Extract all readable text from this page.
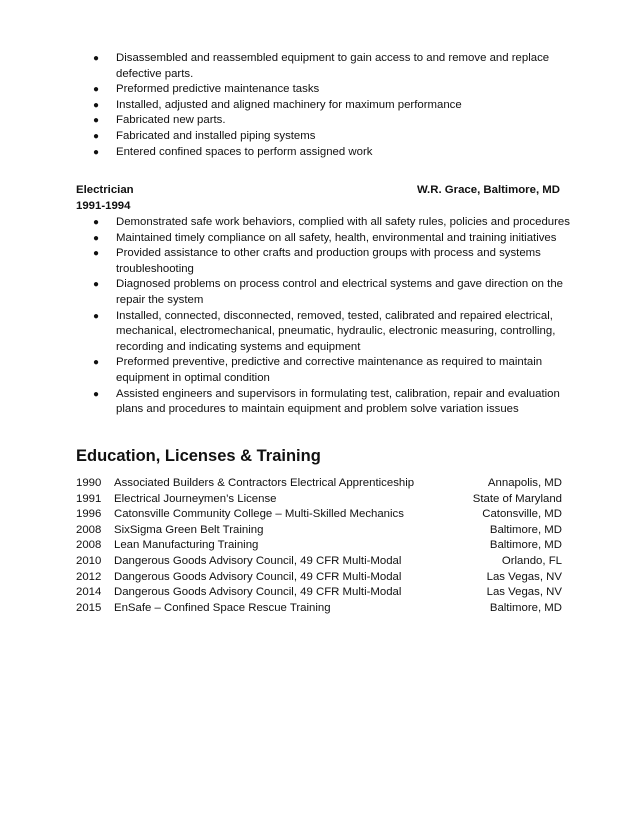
● Disassembled and reassembled equipment to gain access to and remove and replace defective parts.
● Preformed predictive maintenance tasks
● Installed, adjusted and aligned machinery for maximum performance
● Fabricated new parts.
● Fabricated and installed piping systems
● Entered confined spaces to perform assigned work
Electrician	W.R. Grace, Baltimore, MD
1991-1994
● Demonstrated safe work behaviors, complied with all safety rules, policies and procedures
● Maintained timely compliance on all safety, health, environmental and training initiatives
● Provided assistance to other crafts and production groups with process and systems troubleshooting
● Diagnosed problems on process control and electrical systems and gave direction on the repair the system
● Installed, connected, disconnected, removed, tested, calibrated and repaired electrical, mechanical, electromechanical, pneumatic, hydraulic, electronic measuring, controlling, recording and indicating systems and equipment
● Preformed preventive, predictive and corrective maintenance as required to maintain equipment in optimal condition
● Assisted engineers and supervisors in formulating test, calibration, repair and evaluation plans and procedures to maintain equipment and problem solve variation issues
Education, Licenses & Training
1990 Associated Builders & Contractors Electrical Apprenticeship	Annapolis, MD
1991 Electrical Journeymen’s License	State of Maryland
1996 Catonsville Community College – Multi-Skilled Mechanics	Catonsville, MD
2008 SixSigma Green Belt Training	Baltimore, MD
2008 Lean Manufacturing Training	Baltimore, MD
2010 Dangerous Goods Advisory Council, 49 CFR Multi-Modal	Orlando, FL
2012 Dangerous Goods Advisory Council, 49 CFR Multi-Modal	Las Vegas, NV
2014 Dangerous Goods Advisory Council, 49 CFR Multi-Modal	Las Vegas, NV
2015 EnSafe – Confined Space Rescue Training	Baltimore, MD
